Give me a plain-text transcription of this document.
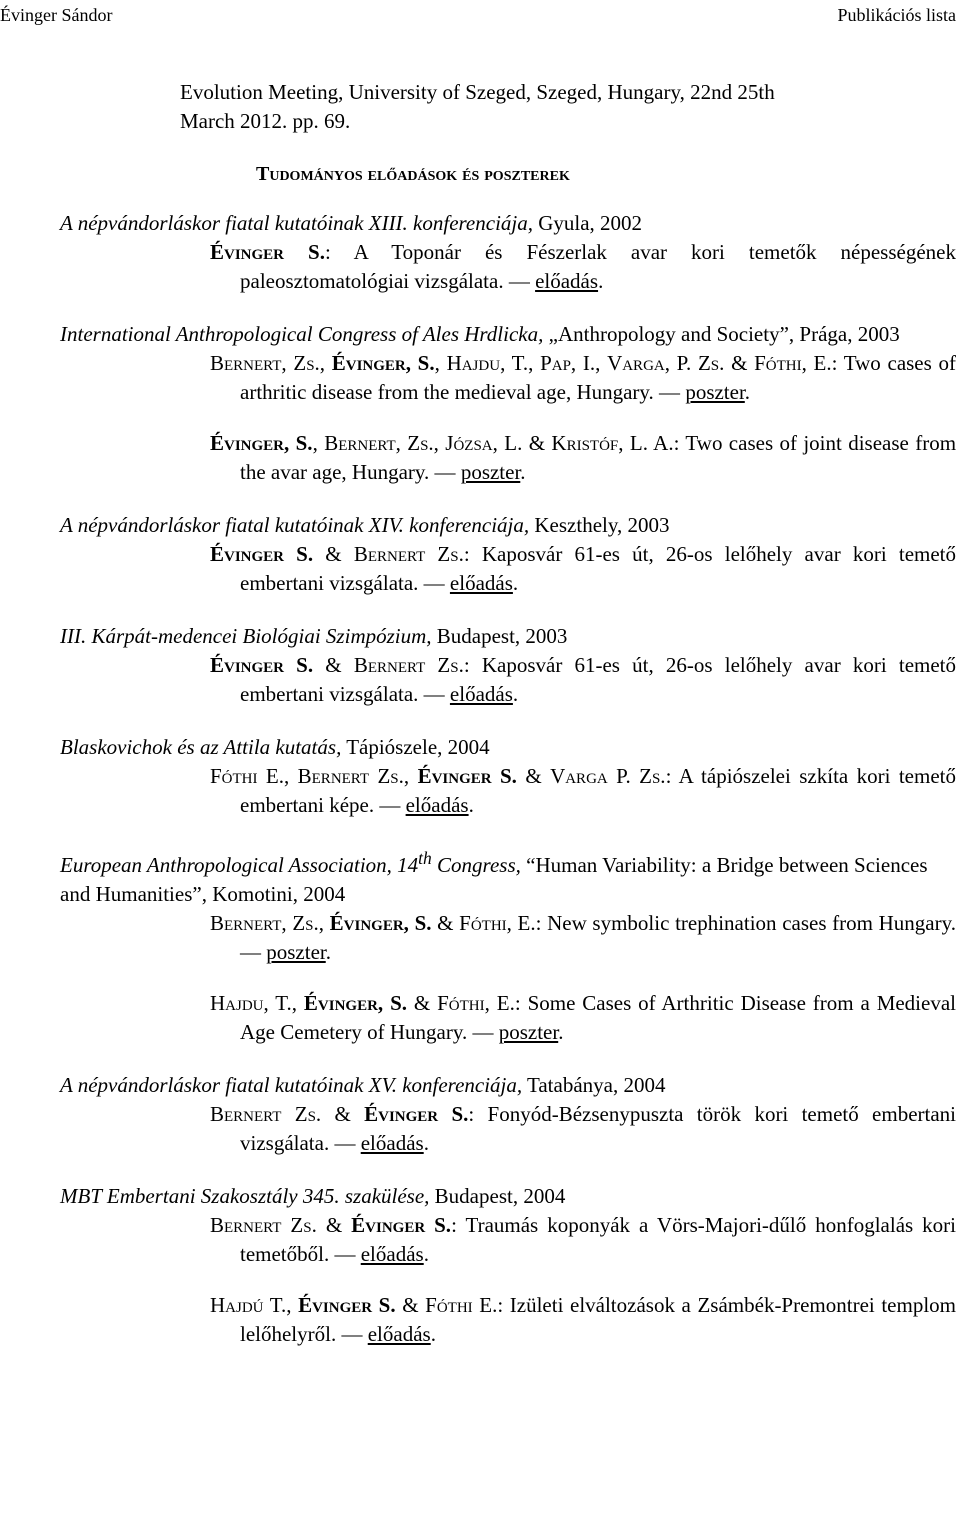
Évinger Sándor	Publikációs lista
Evolution Meeting, University of Szeged, Szeged, Hungary, 22nd 25th
March 2012. pp. 69.
Tudományos előadások és poszterek
A népvándorláskor fiatal kutatóinak XIII. konferenciája, Gyula, 2002
Évinger S.: A Toponár és Fészerlak avar kori temetők népességének paleosztomatológiai vizsgálata. — előadás.
International Anthropological Congress of Ales Hrdlicka, „Anthropology and Society”, Prága, 2003
Bernert, Zs., Évinger, S., Hajdu, T., Pap, I., Varga, P. Zs. & Fóthi, E.: Two cases of arthritic disease from the medieval age, Hungary. — poszter.
Évinger, S., Bernert, Zs., Józsa, L. & Kristóf, L. A.: Two cases of joint disease from the avar age, Hungary. — poszter.
A népvándorláskor fiatal kutatóinak XIV. konferenciája, Keszthely, 2003
Évinger S. & Bernert Zs.: Kaposvár 61-es út, 26-os lelőhely avar kori temető embertani vizsgálata. — előadás.
III. Kárpát-medencei Biológiai Szimpózium, Budapest, 2003
Évinger S. & Bernert Zs.: Kaposvár 61-es út, 26-os lelőhely avar kori temető embertani vizsgálata. — előadás.
Blaskovichok és az Attila kutatás, Tápiószele, 2004
Fóthi E., Bernert Zs., Évinger S. & Varga P. Zs.: A tápiószelei szkíta kori temető embertani képe. — előadás.
European Anthropological Association, 14th Congress, “Human Variability: a Bridge between Sciences and Humanities”, Komotini, 2004
Bernert, Zs., Évinger, S. & Fóthi, E.: New symbolic trephination cases from Hungary. — poszter.
Hajdu, T., Évinger, S. & Fóthi, E.: Some Cases of Arthritic Disease from a Medieval Age Cemetery of Hungary. — poszter.
A népvándorláskor fiatal kutatóinak XV. konferenciája, Tatabánya, 2004
Bernert Zs. & Évinger S.: Fonyód-Bézsenypuszta török kori temető embertani vizsgálata. — előadás.
MBT Embertani Szakosztály 345. szakülése, Budapest, 2004
Bernert Zs. & Évinger S.: Traumás koponyák a Vörs-Majori-dűlő honfoglalás kori temetőből. — előadás.
Hajdú T., Évinger S. & Fóthi E.: Izületi elváltozások a Zsámbék-Premontrei templom lelőhelyről. — előadás.
